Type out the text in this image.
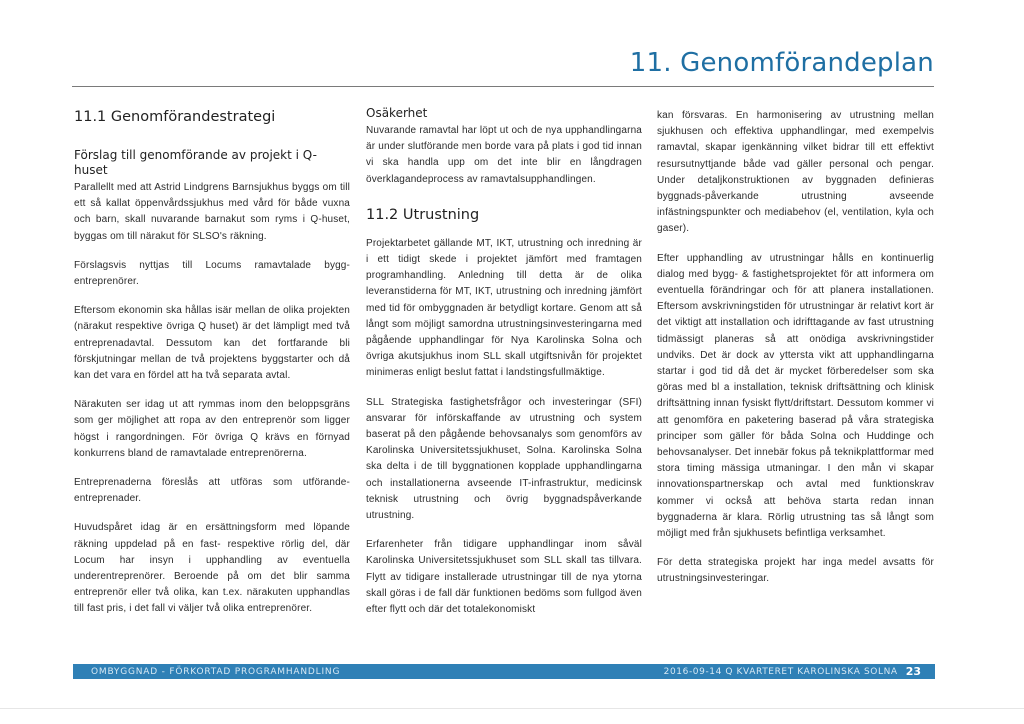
11. Genomförandeplan
11.1 Genomförandestrategi
Förslag till genomförande av projekt i Q-huset

Parallellt med att Astrid Lindgrens Barnsjukhus byggs om till ett så kallat öppenvårdssjukhus med vård för både vuxna och barn, skall nuvarande barnakut som ryms i Q-huset, byggas om till närakut för SLSO's räkning.

Förslagsvis nyttjas till Locums ramavtalade bygg-entreprenörer.

Eftersom ekonomin ska hållas isär mellan de olika projekten (närakut respektive övriga Q huset) är det lämpligt med två entreprenadavtal. Dessutom kan det fortfarande bli förskjutningar mellan de två projektens byggstarter och då kan det vara en fördel att ha två separata avtal.

Närakuten ser idag ut att rymmas inom den beloppsgräns som ger möjlighet att ropa av den entreprenör som ligger högst i rangordningen. För övriga Q krävs en förnyad konkurrens bland de ramavtalade entreprenörerna.

Entreprenaderna föreslås att utföras som utförande-entreprenader.

Huvudspåret idag är en ersättningsform med löpande räkning uppdelad på en fast- respektive rörlig del, där Locum har insyn i upphandling av eventuella underentreprenörer. Beroende på om det blir samma entreprenör eller två olika, kan t.ex. närakuten upphandlas till fast pris, i det fall vi väljer två olika entreprenörer.

Osäkerhet

Nuvarande ramavtal har löpt ut och de nya upphandlingarna är under slutförande men borde vara på plats i god tid innan vi ska handla upp om det inte blir en långdragen överklagandeprocess av ramavtalsupphandlingen.

11.2 Utrustning

Projektarbetet gällande MT, IKT, utrustning och inredning är i ett tidigt skede i projektet jämfört med framtagen programhandling. Anledning till detta är de olika leveranstiderna för MT, IKT, utrustning och inredning jämfört med tid för ombyggnaden är betydligt kortare. Genom att så långt som möjligt samordna utrustningsinvesteringarna med pågående upphandlingar för Nya Karolinska Solna och övriga akutsjukhus inom SLL skall utgiftsnivån för projektet minimeras enligt beslut fattat i landstingsfullmäktige.

SLL Strategiska fastighetsfrågor och investeringar (SFI) ansvarar för införskaffande av utrustning och system baserat på den pågående behovsanalys som genomförs av Karolinska Universitetssjukhuset, Solna. Karolinska Solna ska delta i de till byggnationen kopplade upphandlingarna och installationerna avseende IT-infrastruktur, medicinsk teknisk utrustning och övrig byggnadspåverkande utrustning.

Erfarenheter från tidigare upphandlingar inom såväl Karolinska Universitetssjukhuset som SLL skall tas tillvara. Flytt av tidigare installerade utrustningar till de nya ytorna skall göras i de fall där funktionen bedöms som fullgod även efter flytt och där det totalekonomiskt

kan försvaras. En harmonisering av utrustning mellan sjukhusen och effektiva upphandlingar, med exempelvis ramavtal, skapar igenkänning vilket bidrar till ett effektivt resursutnyttjande både vad gäller personal och pengar. Under detaljkonstruktionen av byggnaden definieras byggnads-påverkande utrustning avseende infästningspunkter och mediabehov (el, ventilation, kyla och gaser).

Efter upphandling av utrustningar hålls en kontinuerlig dialog med bygg- & fastighetsprojektet för att informera om eventuella förändringar och för att planera installationen. Eftersom avskrivningstiden för utrustningar är relativt kort är det viktigt att installation och idrifttagande av fast utrustning tidmässigt planeras så att onödiga avskrivningstider undviks. Det är dock av yttersta vikt att upphandlingarna startar i god tid då det är mycket förberedelser som ska göras med bl a installation, teknisk driftsättning och klinisk driftsättning innan fysiskt flytt/driftstart. Dessutom kommer vi att genomföra en paketering baserad på våra strategiska principer som gäller för båda Solna och Huddinge och behovsanalyser. Det innebär fokus på teknikplattformar med stora timing mässiga utmaningar. I den mån vi skapar innovationspartnerskap och avtal med funktionskrav kommer vi också att behöva starta redan innan byggnaderna är klara. Rörlig utrustning tas så långt som möjligt med från sjukhusets befintliga verksamhet.

För detta strategiska projekt har inga medel avsatts för utrustningsinvesteringar.

OMBYGGNAD - FÖRKORTAD PROGRAMHANDLING	2016-09-14 Q KVARTERET KAROLINSKA SOLNA 23
